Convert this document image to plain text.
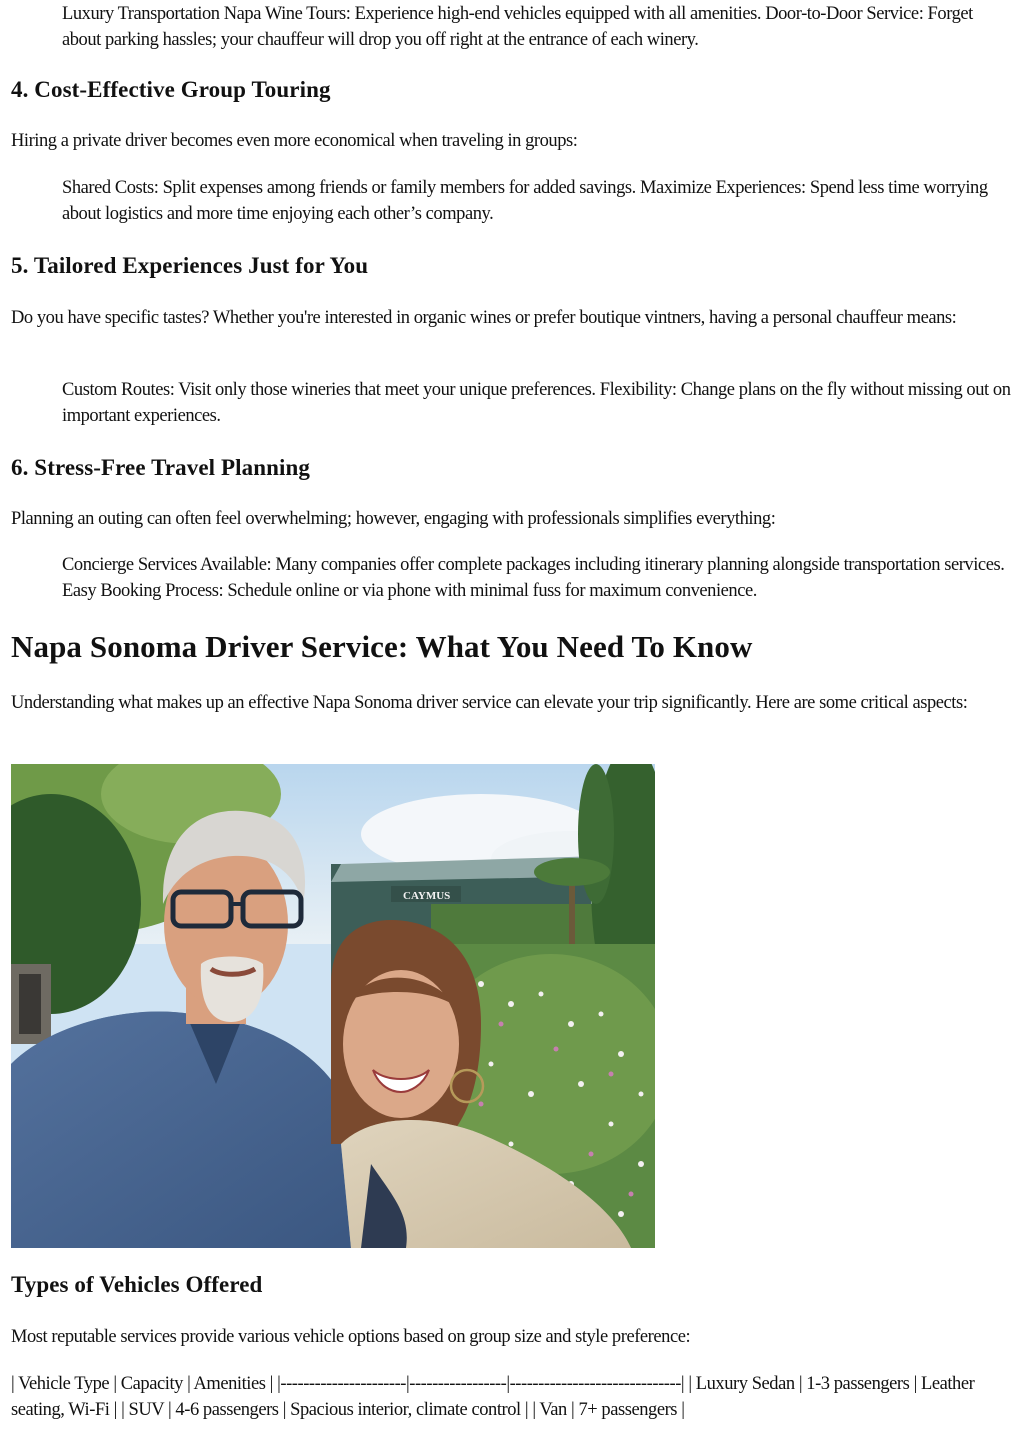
Luxury Transportation Napa Wine Tours: Experience high-end vehicles equipped with all amenities. Door-to-Door Service: Forget about parking hassles; your chauffeur will drop you off right at the entrance of each winery.

4. Cost-Effective Group Touring

Hiring a private driver becomes even more economical when traveling in groups:

Shared Costs: Split expenses among friends or family members for added savings. Maximize Experiences: Spend less time worrying about logistics and more time enjoying each other’s company.

5. Tailored Experiences Just for You

Do you have specific tastes? Whether you're interested in organic wines or prefer boutique vintners, having a personal chauffeur means:

Custom Routes: Visit only those wineries that meet your unique preferences. Flexibility: Change plans on the fly without missing out on important experiences.

6. Stress-Free Travel Planning

Planning an outing can often feel overwhelming; however, engaging with professionals simplifies everything:

Concierge Services Available: Many companies offer complete packages including itinerary planning alongside transportation services. Easy Booking Process: Schedule online or via phone with minimal fuss for maximum convenience.

Napa Sonoma Driver Service: What You Need To Know

Understanding what makes up an effective Napa Sonoma driver service can elevate your trip significantly. Here are some critical aspects:

CAYMUS
Types of Vehicles Offered

Most reputable services provide various vehicle options based on group size and style preference:

| Vehicle Type | Capacity | Amenities | |----------------------|-----------------|------------------------------| | Luxury Sedan | 1-3 passengers | Leather seating, Wi-Fi | | SUV | 4-6 passengers | Spacious interior, climate control | | Van | 7+ passengers |
